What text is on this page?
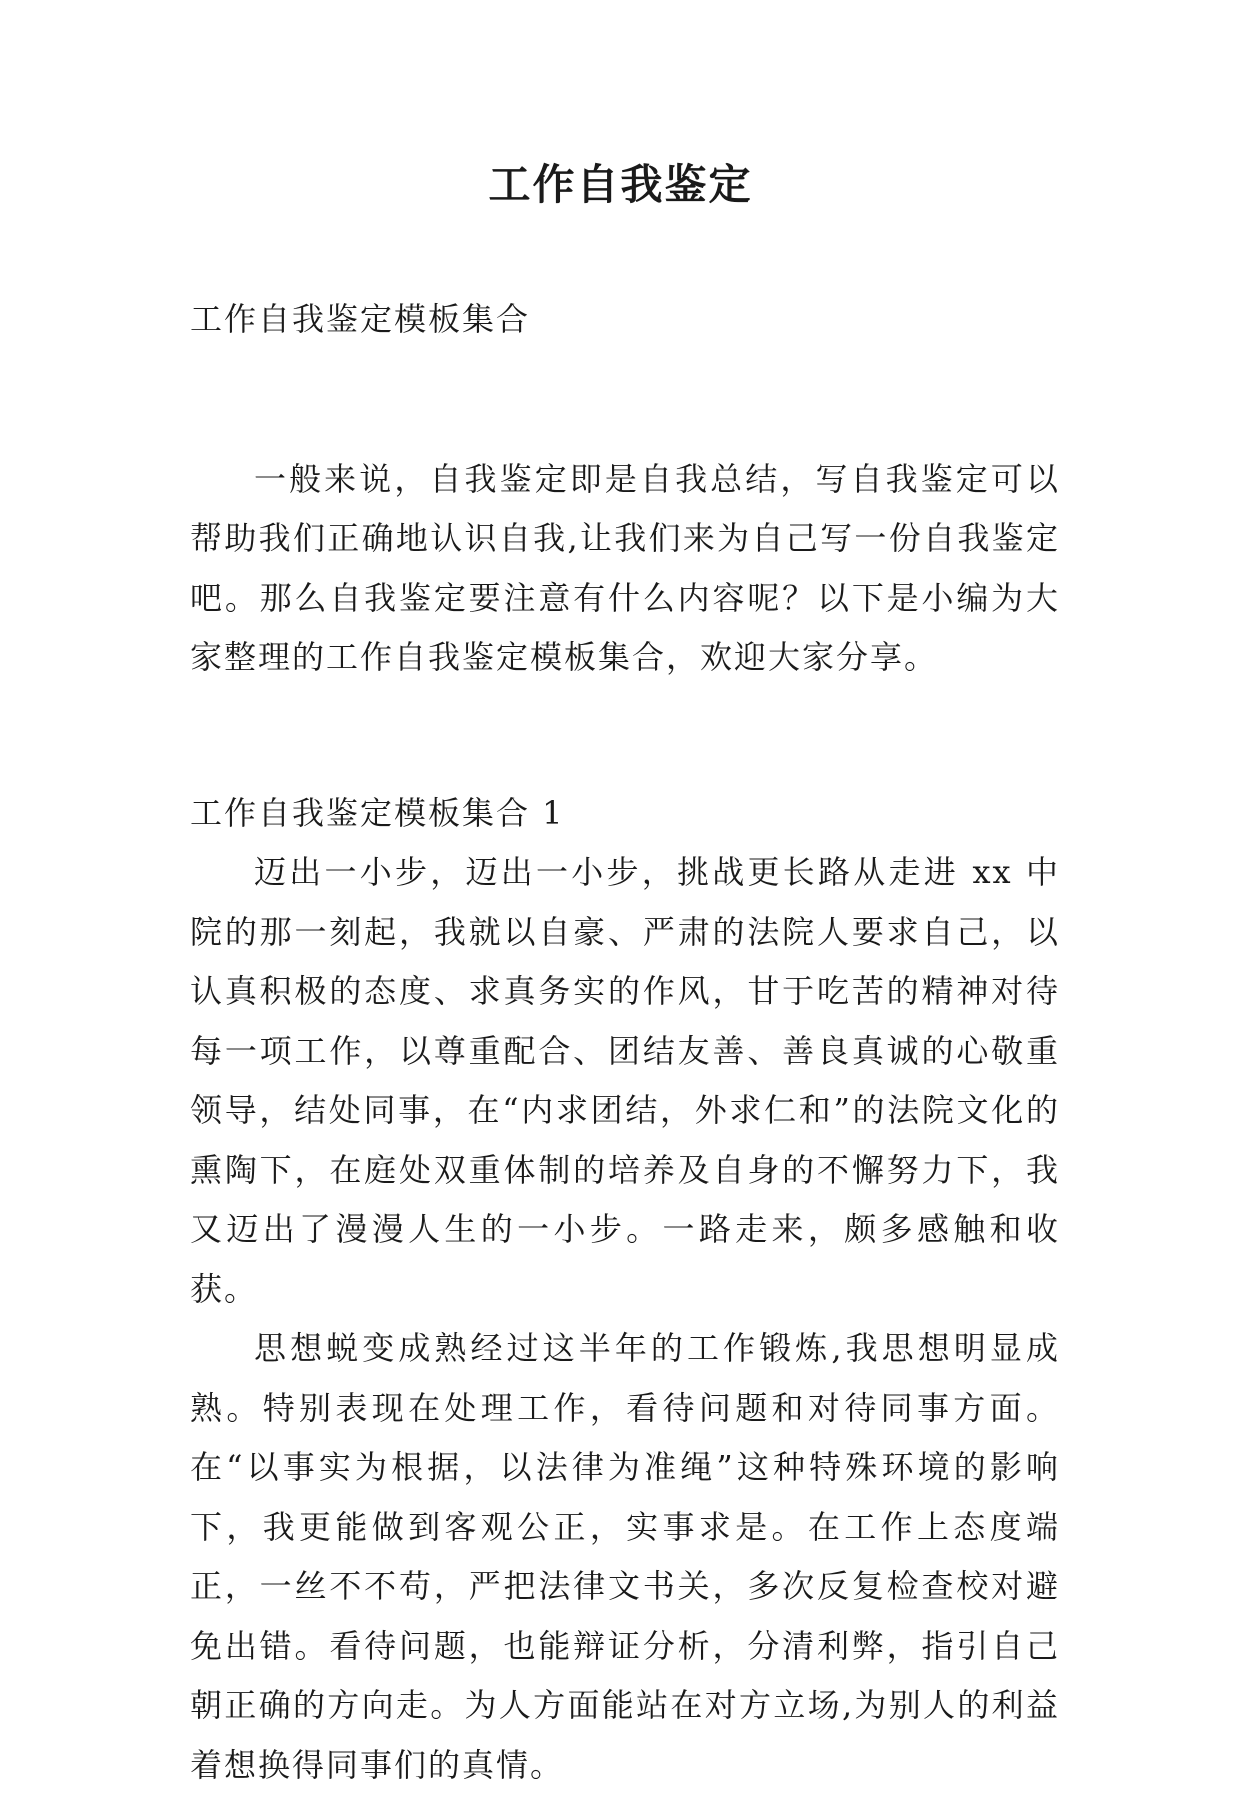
工作自我鉴定

工作自我鉴定模板集合

一般来说，自我鉴定即是自我总结，写自我鉴定可以帮助我们正确地认识自我,让我们来为自己写一份自我鉴定吧。那么自我鉴定要注意有什么内容呢？以下是小编为大家整理的工作自我鉴定模板集合，欢迎大家分享。

工作自我鉴定模板集合 1

迈出一小步，迈出一小步，挑战更长路从走进 xx 中院的那一刻起，我就以自豪、严肃的法院人要求自己，以认真积极的态度、求真务实的作风，甘于吃苦的精神对待每一项工作，以尊重配合、团结友善、善良真诚的心敬重领导，结处同事，在“内求团结，外求仁和”的法院文化的熏陶下，在庭处双重体制的培养及自身的不懈努力下，我又迈出了漫漫人生的一小步。一路走来，颇多感触和收获。

思想蜕变成熟经过这半年的工作锻炼,我思想明显成熟。特别表现在处理工作，看待问题和对待同事方面。在“以事实为根据，以法律为准绳”这种特殊环境的影响下，我更能做到客观公正，实事求是。在工作上态度端正，一丝不不苟，严把法律文书关，多次反复检查校对避免出错。看待问题，也能辩证分析，分清利弊，指引自己朝正确的方向走。为人方面能站在对方立场,为别人的利益着想换得同事们的真情。
